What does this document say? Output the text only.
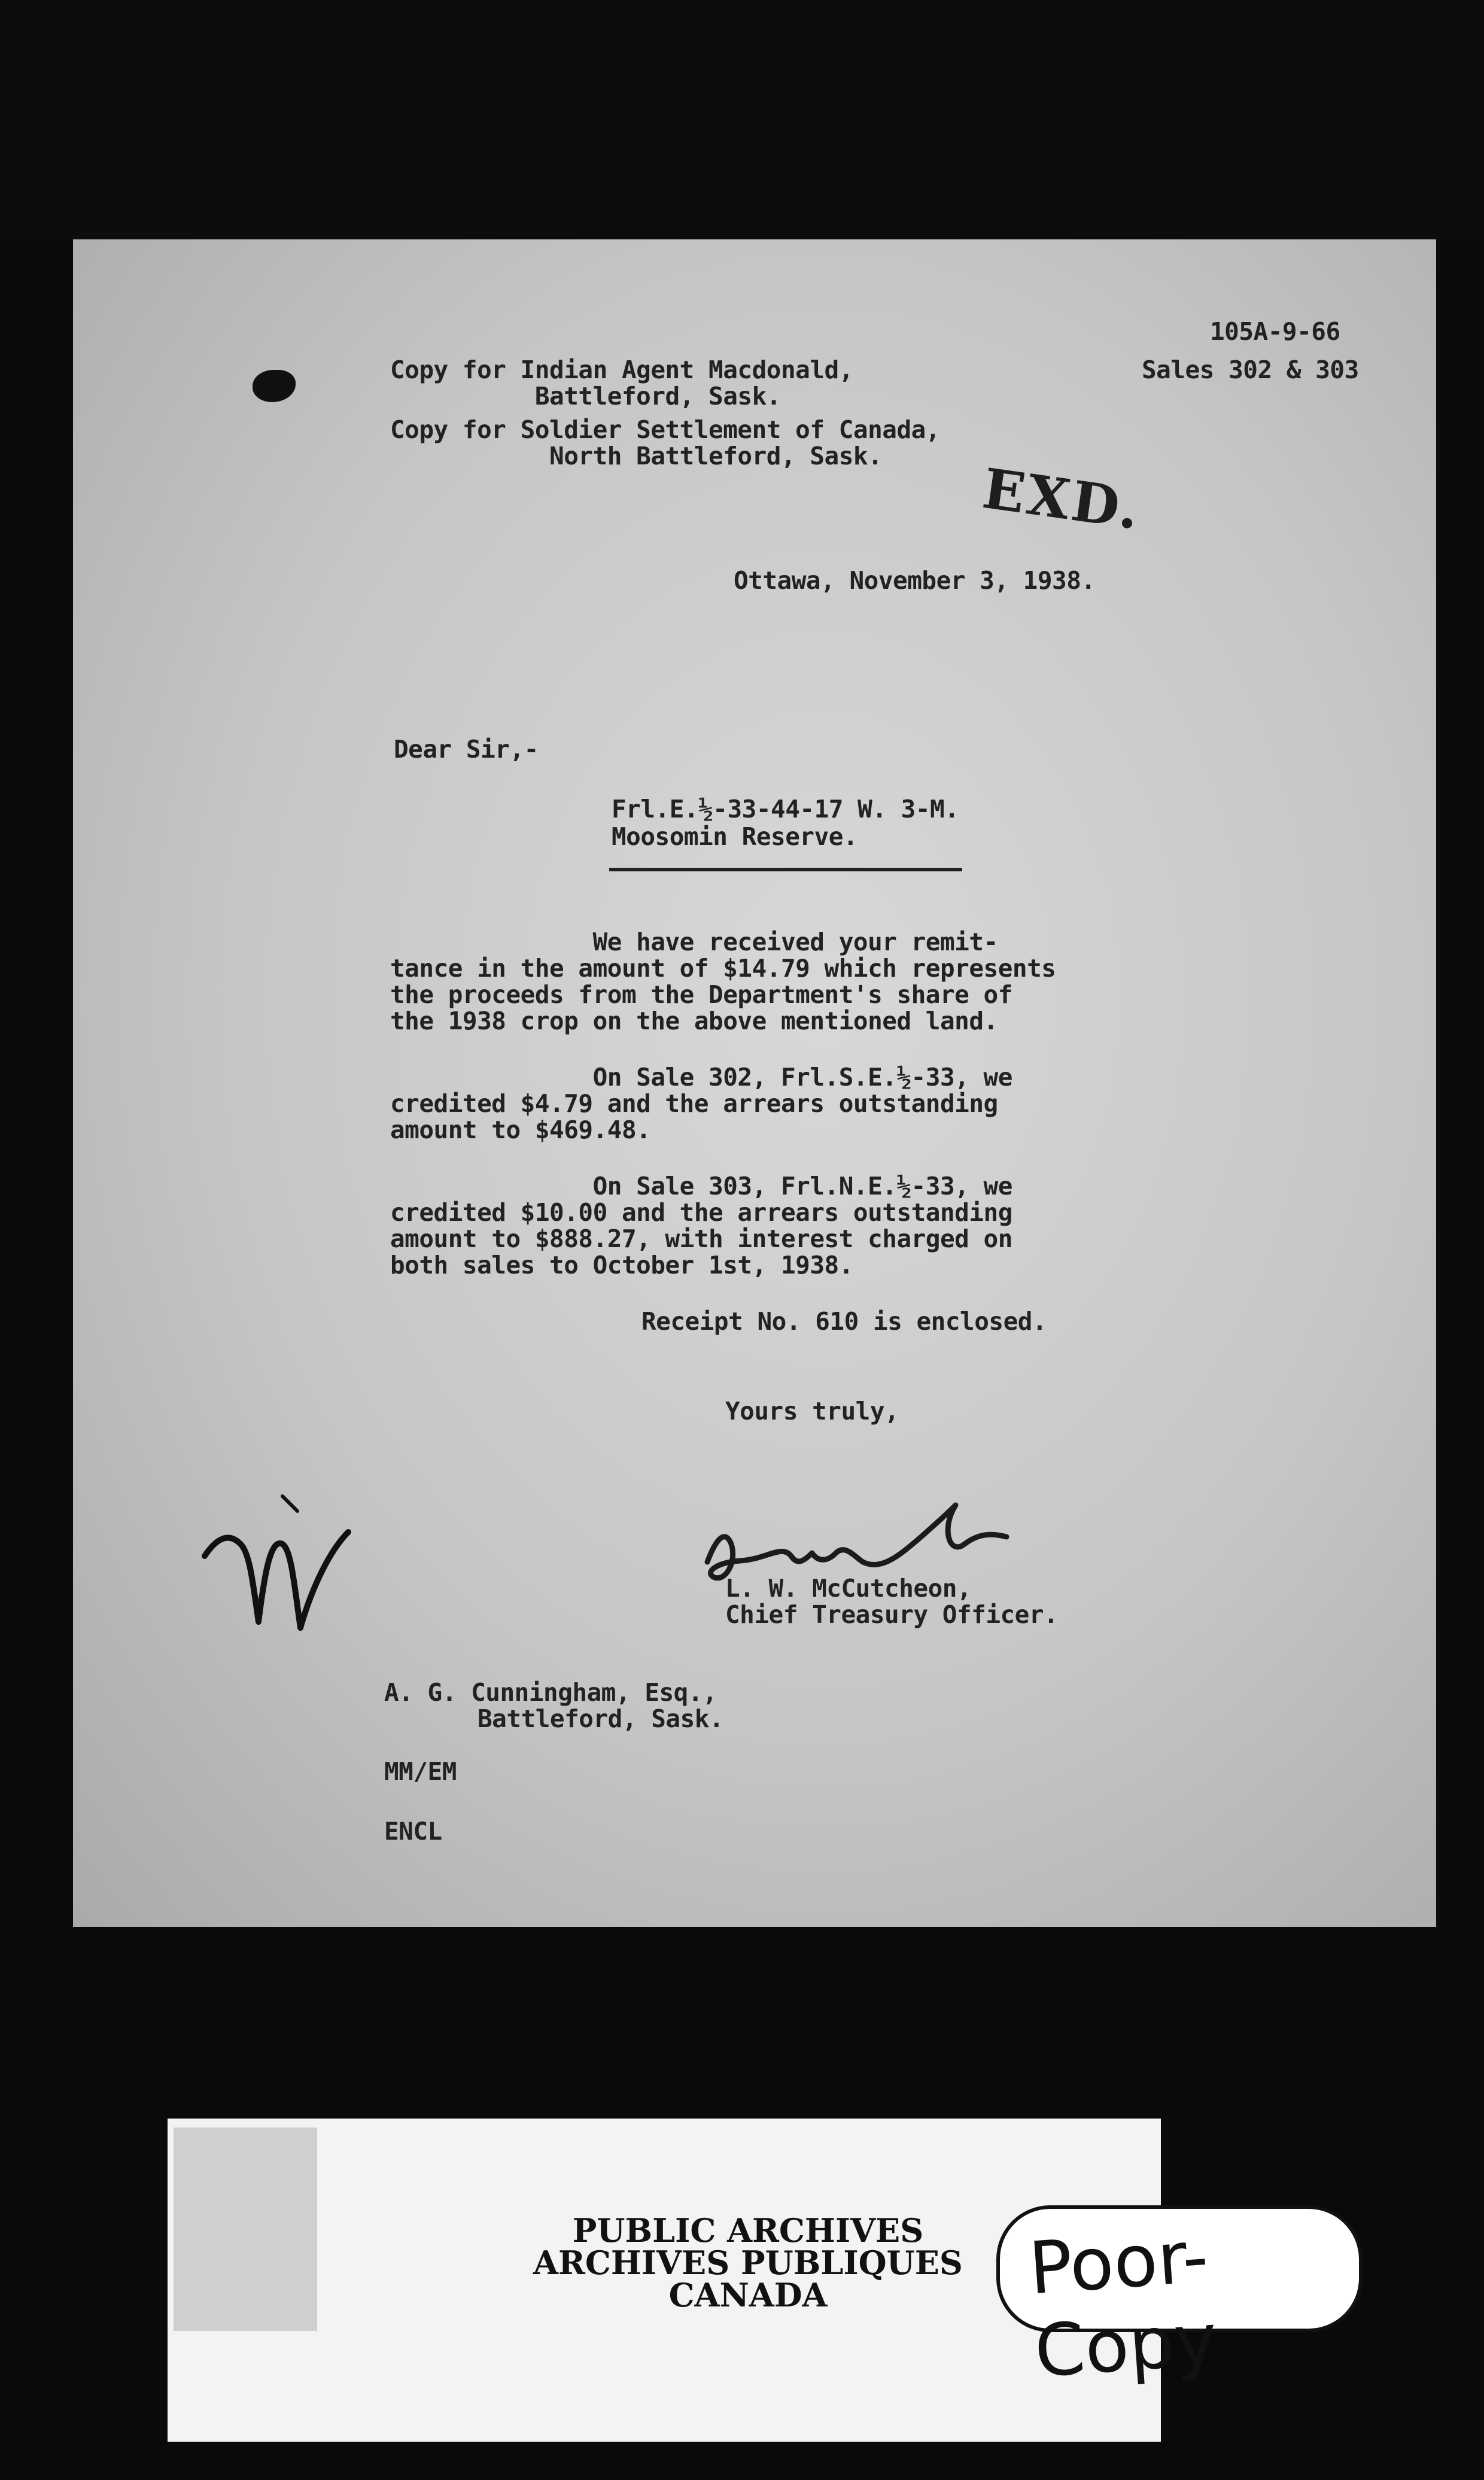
105A-9-66
Sales 302 & 303
Copy for Indian Agent Macdonald,
Battleford, Sask.
Copy for Soldier Settlement of Canada,
North Battleford, Sask.
EXD.
Ottawa, November 3, 1938.
Dear Sir,-
Frl.E.½-33-44-17 W. 3-M.
Moosomin Reserve.
We have received your remit-
tance in the amount of $14.79 which represents
the proceeds from the Department's share of
the 1938 crop on the above mentioned land.
On Sale 302, Frl.S.E.½-33, we
credited $4.79 and the arrears outstanding
amount to $469.48.
On Sale 303, Frl.N.E.½-33, we
credited $10.00 and the arrears outstanding
amount to $888.27, with interest charged on
both sales to October 1st, 1938.
Receipt No. 610 is enclosed.
Yours truly,
L. W. McCutcheon,
Chief Treasury Officer.
A. G. Cunningham, Esq.,
Battleford, Sask.
MM/EM
ENCL
PUBLIC ARCHIVES
ARCHIVES PUBLIQUES
CANADA	Poor-Copy
